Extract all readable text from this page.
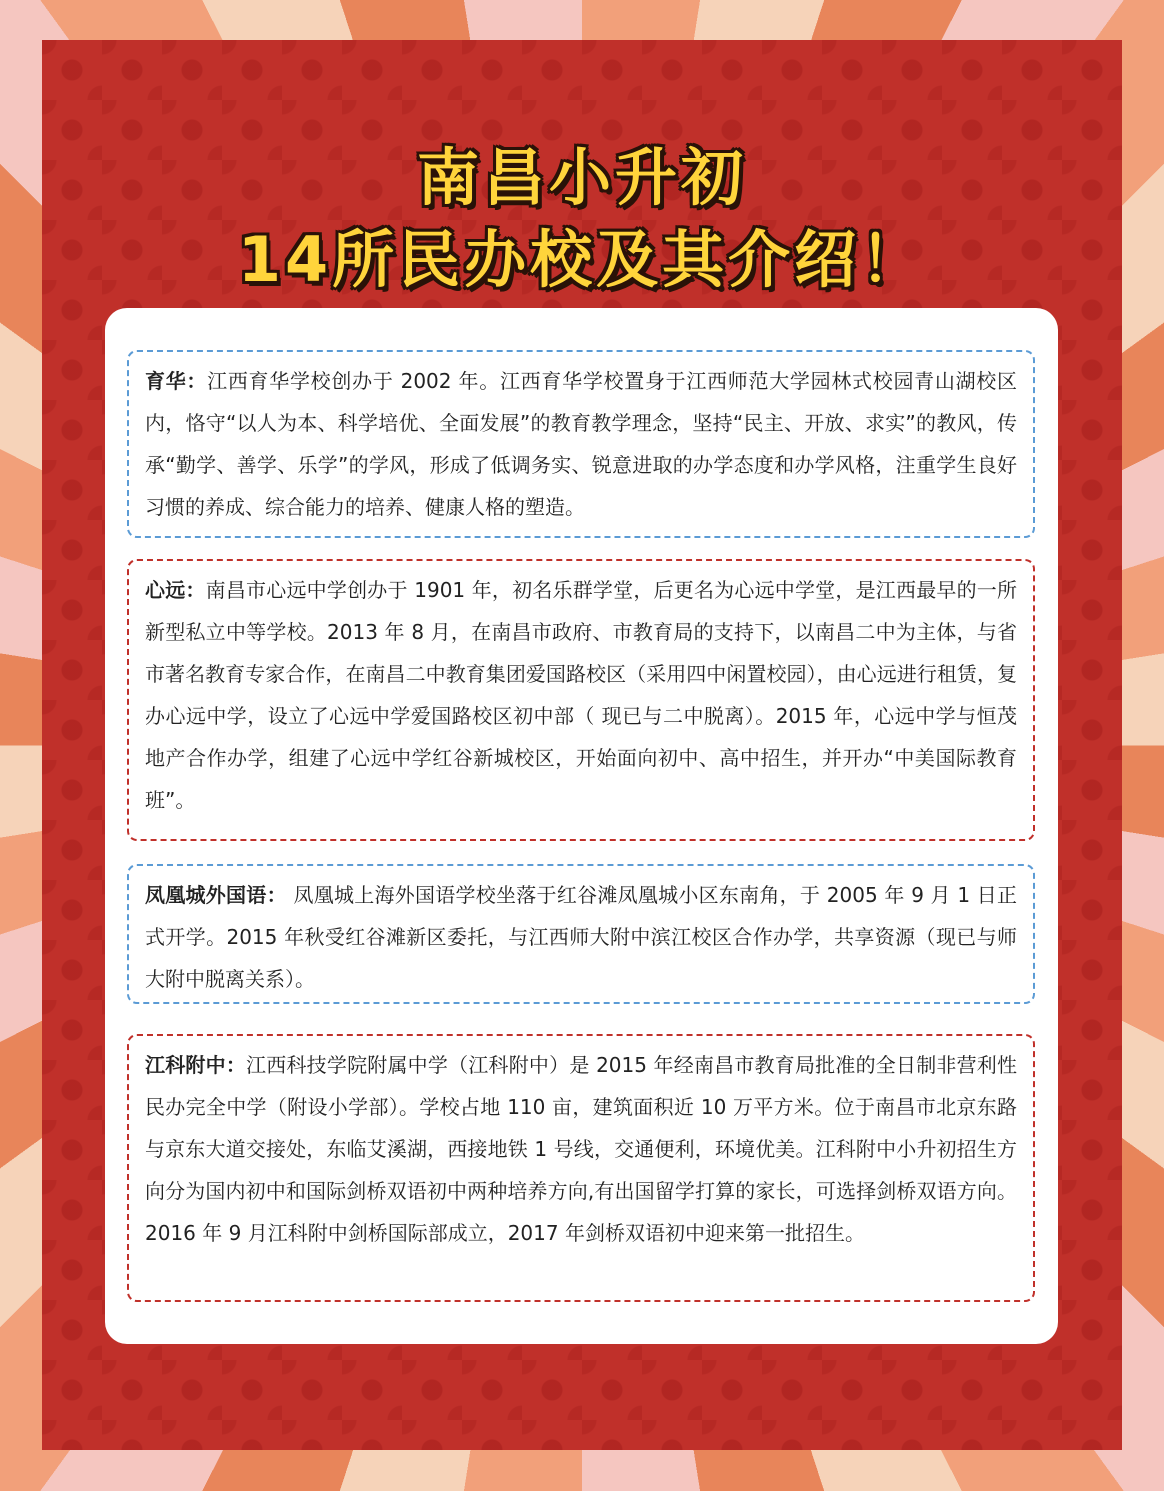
南昌小升初
14所民办校及其介绍！
育华：江西育华学校创办于 2002 年。江西育华学校置身于江西师范大学园林式校园青山湖校区内，恪守“以人为本、科学培优、全面发展”的教育教学理念，坚持“民主、开放、求实”的教风，传承“勤学、善学、乐学”的学风，形成了低调务实、锐意进取的办学态度和办学风格，注重学生良好习惯的养成、综合能力的培养、健康人格的塑造。
心远：南昌市心远中学创办于 1901 年，初名乐群学堂，后更名为心远中学堂，是江西最早的一所新型私立中等学校。2013 年 8 月，在南昌市政府、市教育局的支持下，以南昌二中为主体，与省市著名教育专家合作，在南昌二中教育集团爱国路校区（采用四中闲置校园），由心远进行租赁，复办心远中学，设立了心远中学爱国路校区初中部（ 现已与二中脱离）。2015 年，心远中学与恒茂地产合作办学，组建了心远中学红谷新城校区，开始面向初中、高中招生，并开办“中美国际教育班”。
凤凰城外国语： 凤凰城上海外国语学校坐落于红谷滩凤凰城小区东南角，于 2005 年 9 月 1 日正式开学。2015 年秋受红谷滩新区委托，与江西师大附中滨江校区合作办学，共享资源（现已与师大附中脱离关系）。
江科附中：江西科技学院附属中学（江科附中）是 2015 年经南昌市教育局批准的全日制非营利性民办完全中学（附设小学部）。学校占地 110 亩，建筑面积近 10 万平方米。位于南昌市北京东路与京东大道交接处，东临艾溪湖，西接地铁 1 号线，交通便利，环境优美。江科附中小升初招生方向分为国内初中和国际剑桥双语初中两种培养方向,有出国留学打算的家长，可选择剑桥双语方向。2016 年 9 月江科附中剑桥国际部成立，2017 年剑桥双语初中迎来第一批招生。
